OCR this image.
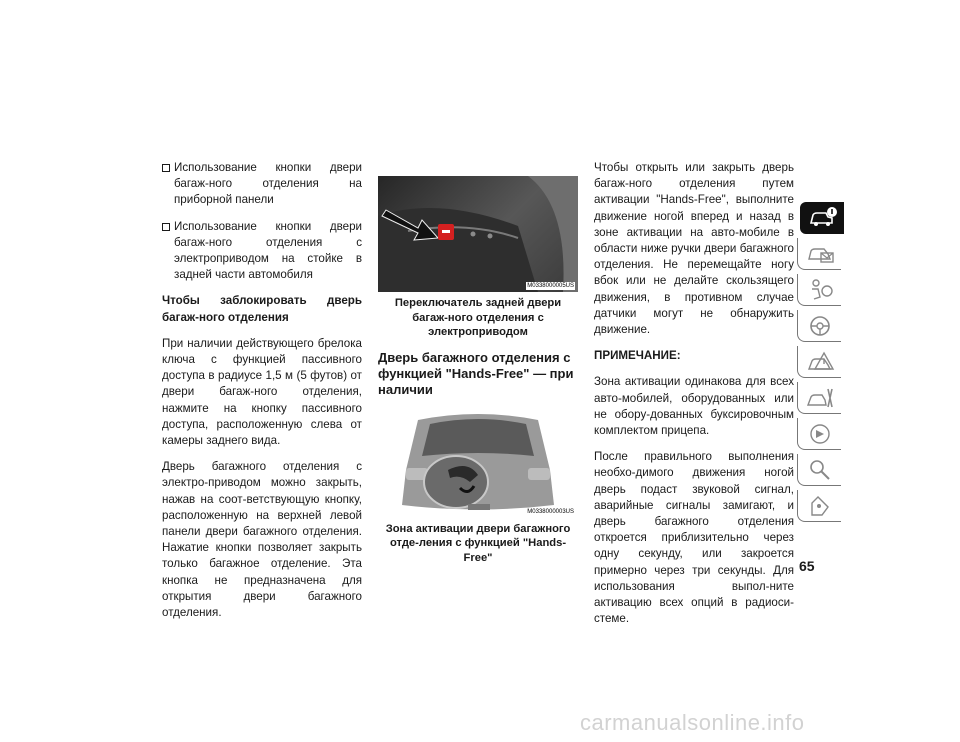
Использование кнопки двери багаж-ного отделения на приборной панели
Использование кнопки двери багаж-ного отделения с электроприводом на стойке в задней части автомобиля

Чтобы заблокировать дверь багаж-ного отделения

При наличии действующего брелока ключа с функцией пассивного доступа в радиусе 1,5 м (5 футов) от двери багаж-ного отделения, нажмите на кнопку пассивного доступа, расположенную слева от камеры заднего вида.

Дверь багажного отделения с электро-приводом можно закрыть, нажав на соот-ветствующую кнопку, расположенную на верхней левой панели двери багажного отделения. Нажатие кнопки позволяет закрыть только багажное отделение. Эта кнопка не предназначена для открытия двери багажного отделения.

M0338000005US
Переключатель задней двери багаж-ного отделения с электроприводом
Дверь багажного отделения с функцией "Hands-Free" — при наличии
M0338000003US
Зона активации двери багажного отде-ления с функцией "Hands-Free"

Чтобы открыть или закрыть дверь багаж-ного отделения путем активации "Hands-Free", выполните движение ногой вперед и назад в зоне активации на авто-мобиле в области ниже ручки двери багажного отделения. Не перемещайте ногу вбок или не делайте скользящего движения, в противном случае датчики могут не обнаружить движение.

ПРИМЕЧАНИЕ:

Зона активации одинакова для всех авто-мобилей, оборудованных или не обору-дованных буксировочным комплектом прицепа.

После правильного выполнения необхо-димого движения ногой дверь подаст звуковой сигнал, аварийные сигналы замигают, и дверь багажного отделения откроется приблизительно через одну секунду, или закроется примерно через три секунды. Для использования выпол-ните активацию всех опций в радиоси-стеме.

65
carmanualsonline.info
